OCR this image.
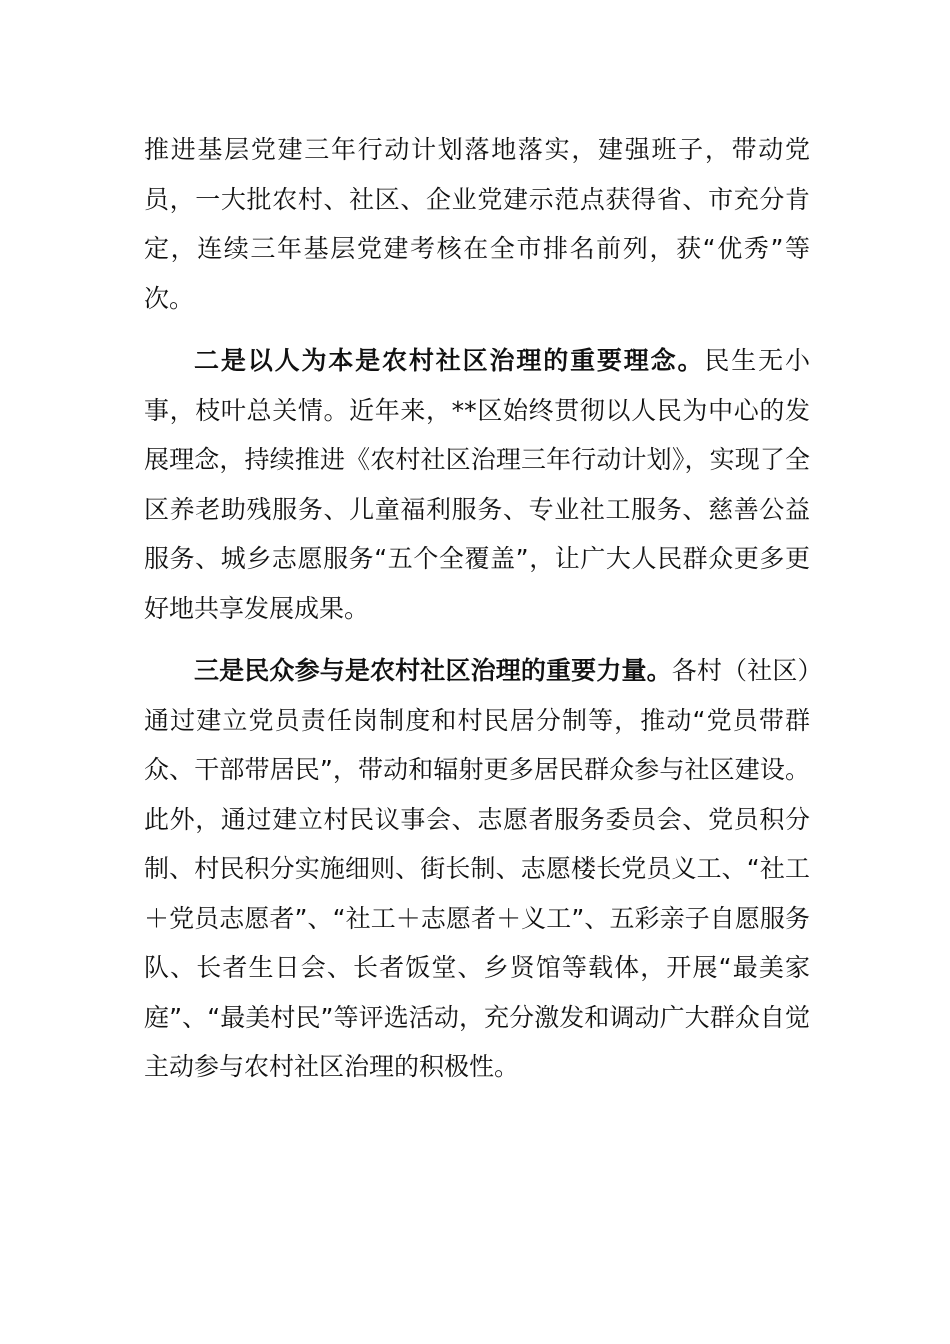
推进基层党建三年行动计划落地落实，建强班子，带动党员，一大批农村、社区、企业党建示范点获得省、市充分肯定，连续三年基层党建考核在全市排名前列，获“优秀”等次。

二是以人为本是农村社区治理的重要理念。民生无小事，枝叶总关情。近年来，**区始终贯彻以人民为中心的发展理念，持续推进《农村社区治理三年行动计划》，实现了全区养老助残服务、儿童福利服务、专业社工服务、慈善公益服务、城乡志愿服务“五个全覆盖”，让广大人民群众更多更好地共享发展成果。

三是民众参与是农村社区治理的重要力量。各村（社区）通过建立党员责任岗制度和村民居分制等，推动“党员带群众、干部带居民”，带动和辐射更多居民群众参与社区建设。此外，通过建立村民议事会、志愿者服务委员会、党员积分制、村民积分实施细则、街长制、志愿楼长党员义工、“社工＋党员志愿者”、“社工＋志愿者＋义工”、五彩亲子自愿服务队、长者生日会、长者饭堂、乡贤馆等载体，开展“最美家庭”、“最美村民”等评选活动，充分激发和调动广大群众自觉主动参与农村社区治理的积极性。
